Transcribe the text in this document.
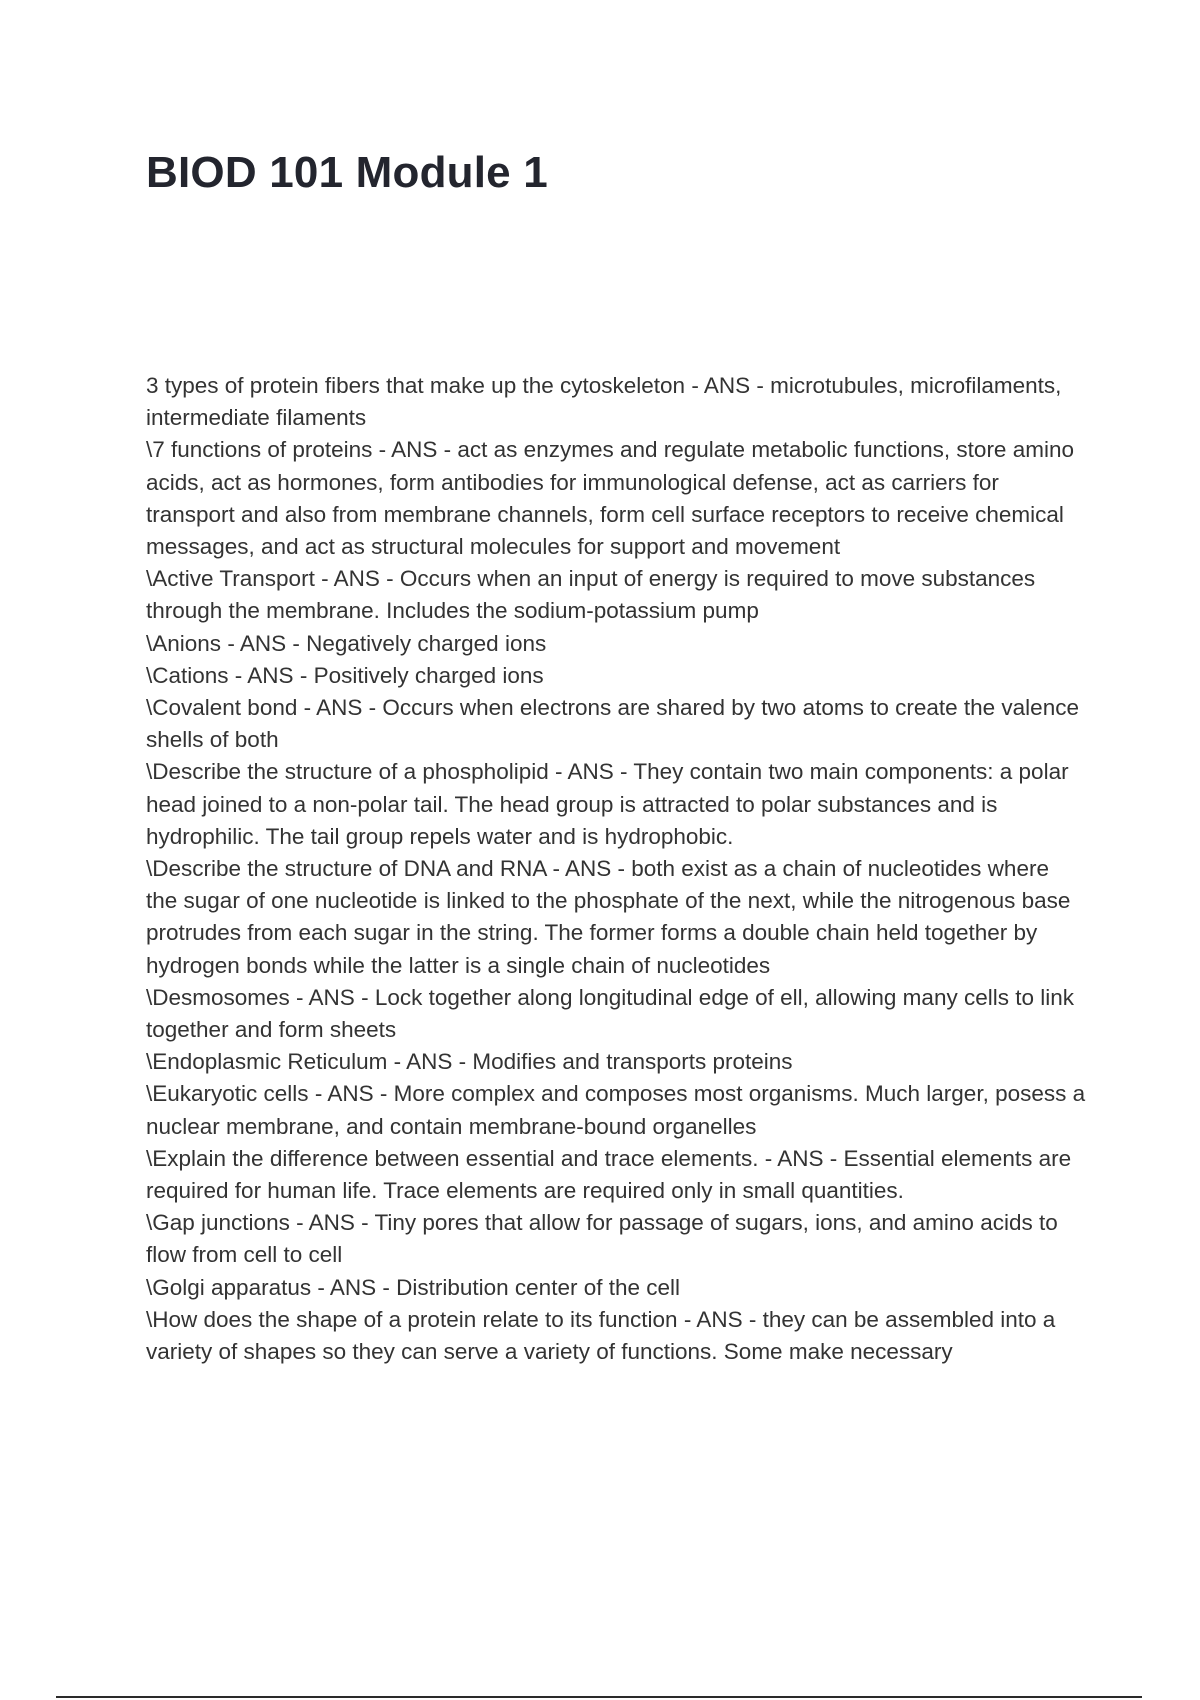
BIOD 101 Module 1
3 types of protein fibers that make up the cytoskeleton - ANS - microtubules, microfilaments, intermediate filaments
\7 functions of proteins - ANS - act as enzymes and regulate metabolic functions, store amino acids, act as hormones, form antibodies for immunological defense, act as carriers for transport and also from membrane channels, form cell surface receptors to receive chemical messages, and act as structural molecules for support and movement
\Active Transport - ANS - Occurs when an input of energy is required to move substances through the membrane. Includes the sodium-potassium pump
\Anions - ANS - Negatively charged ions
\Cations - ANS - Positively charged ions
\Covalent bond - ANS - Occurs when electrons are shared by two atoms to create the valence shells of both
\Describe the structure of a phospholipid - ANS - They contain two main components: a polar head joined to a non-polar tail. The head group is attracted to polar substances and is hydrophilic. The tail group repels water and is hydrophobic.
\Describe the structure of DNA and RNA - ANS - both exist as a chain of nucleotides where the sugar of one nucleotide is linked to the phosphate of the next, while the nitrogenous base protrudes from each sugar in the string. The former forms a double chain held together by hydrogen bonds while the latter is a single chain of nucleotides
\Desmosomes - ANS - Lock together along longitudinal edge of ell, allowing many cells to link together and form sheets
\Endoplasmic Reticulum - ANS - Modifies and transports proteins
\Eukaryotic cells - ANS - More complex and composes most organisms. Much larger, posess a nuclear membrane, and contain membrane-bound organelles
\Explain the difference between essential and trace elements. - ANS - Essential elements are required for human life. Trace elements are required only in small quantities.
\Gap junctions - ANS - Tiny pores that allow for passage of sugars, ions, and amino acids to flow from cell to cell
\Golgi apparatus - ANS - Distribution center of the cell
\How does the shape of a protein relate to its function - ANS - they can be assembled into a variety of shapes so they can serve a variety of functions. Some make necessary
